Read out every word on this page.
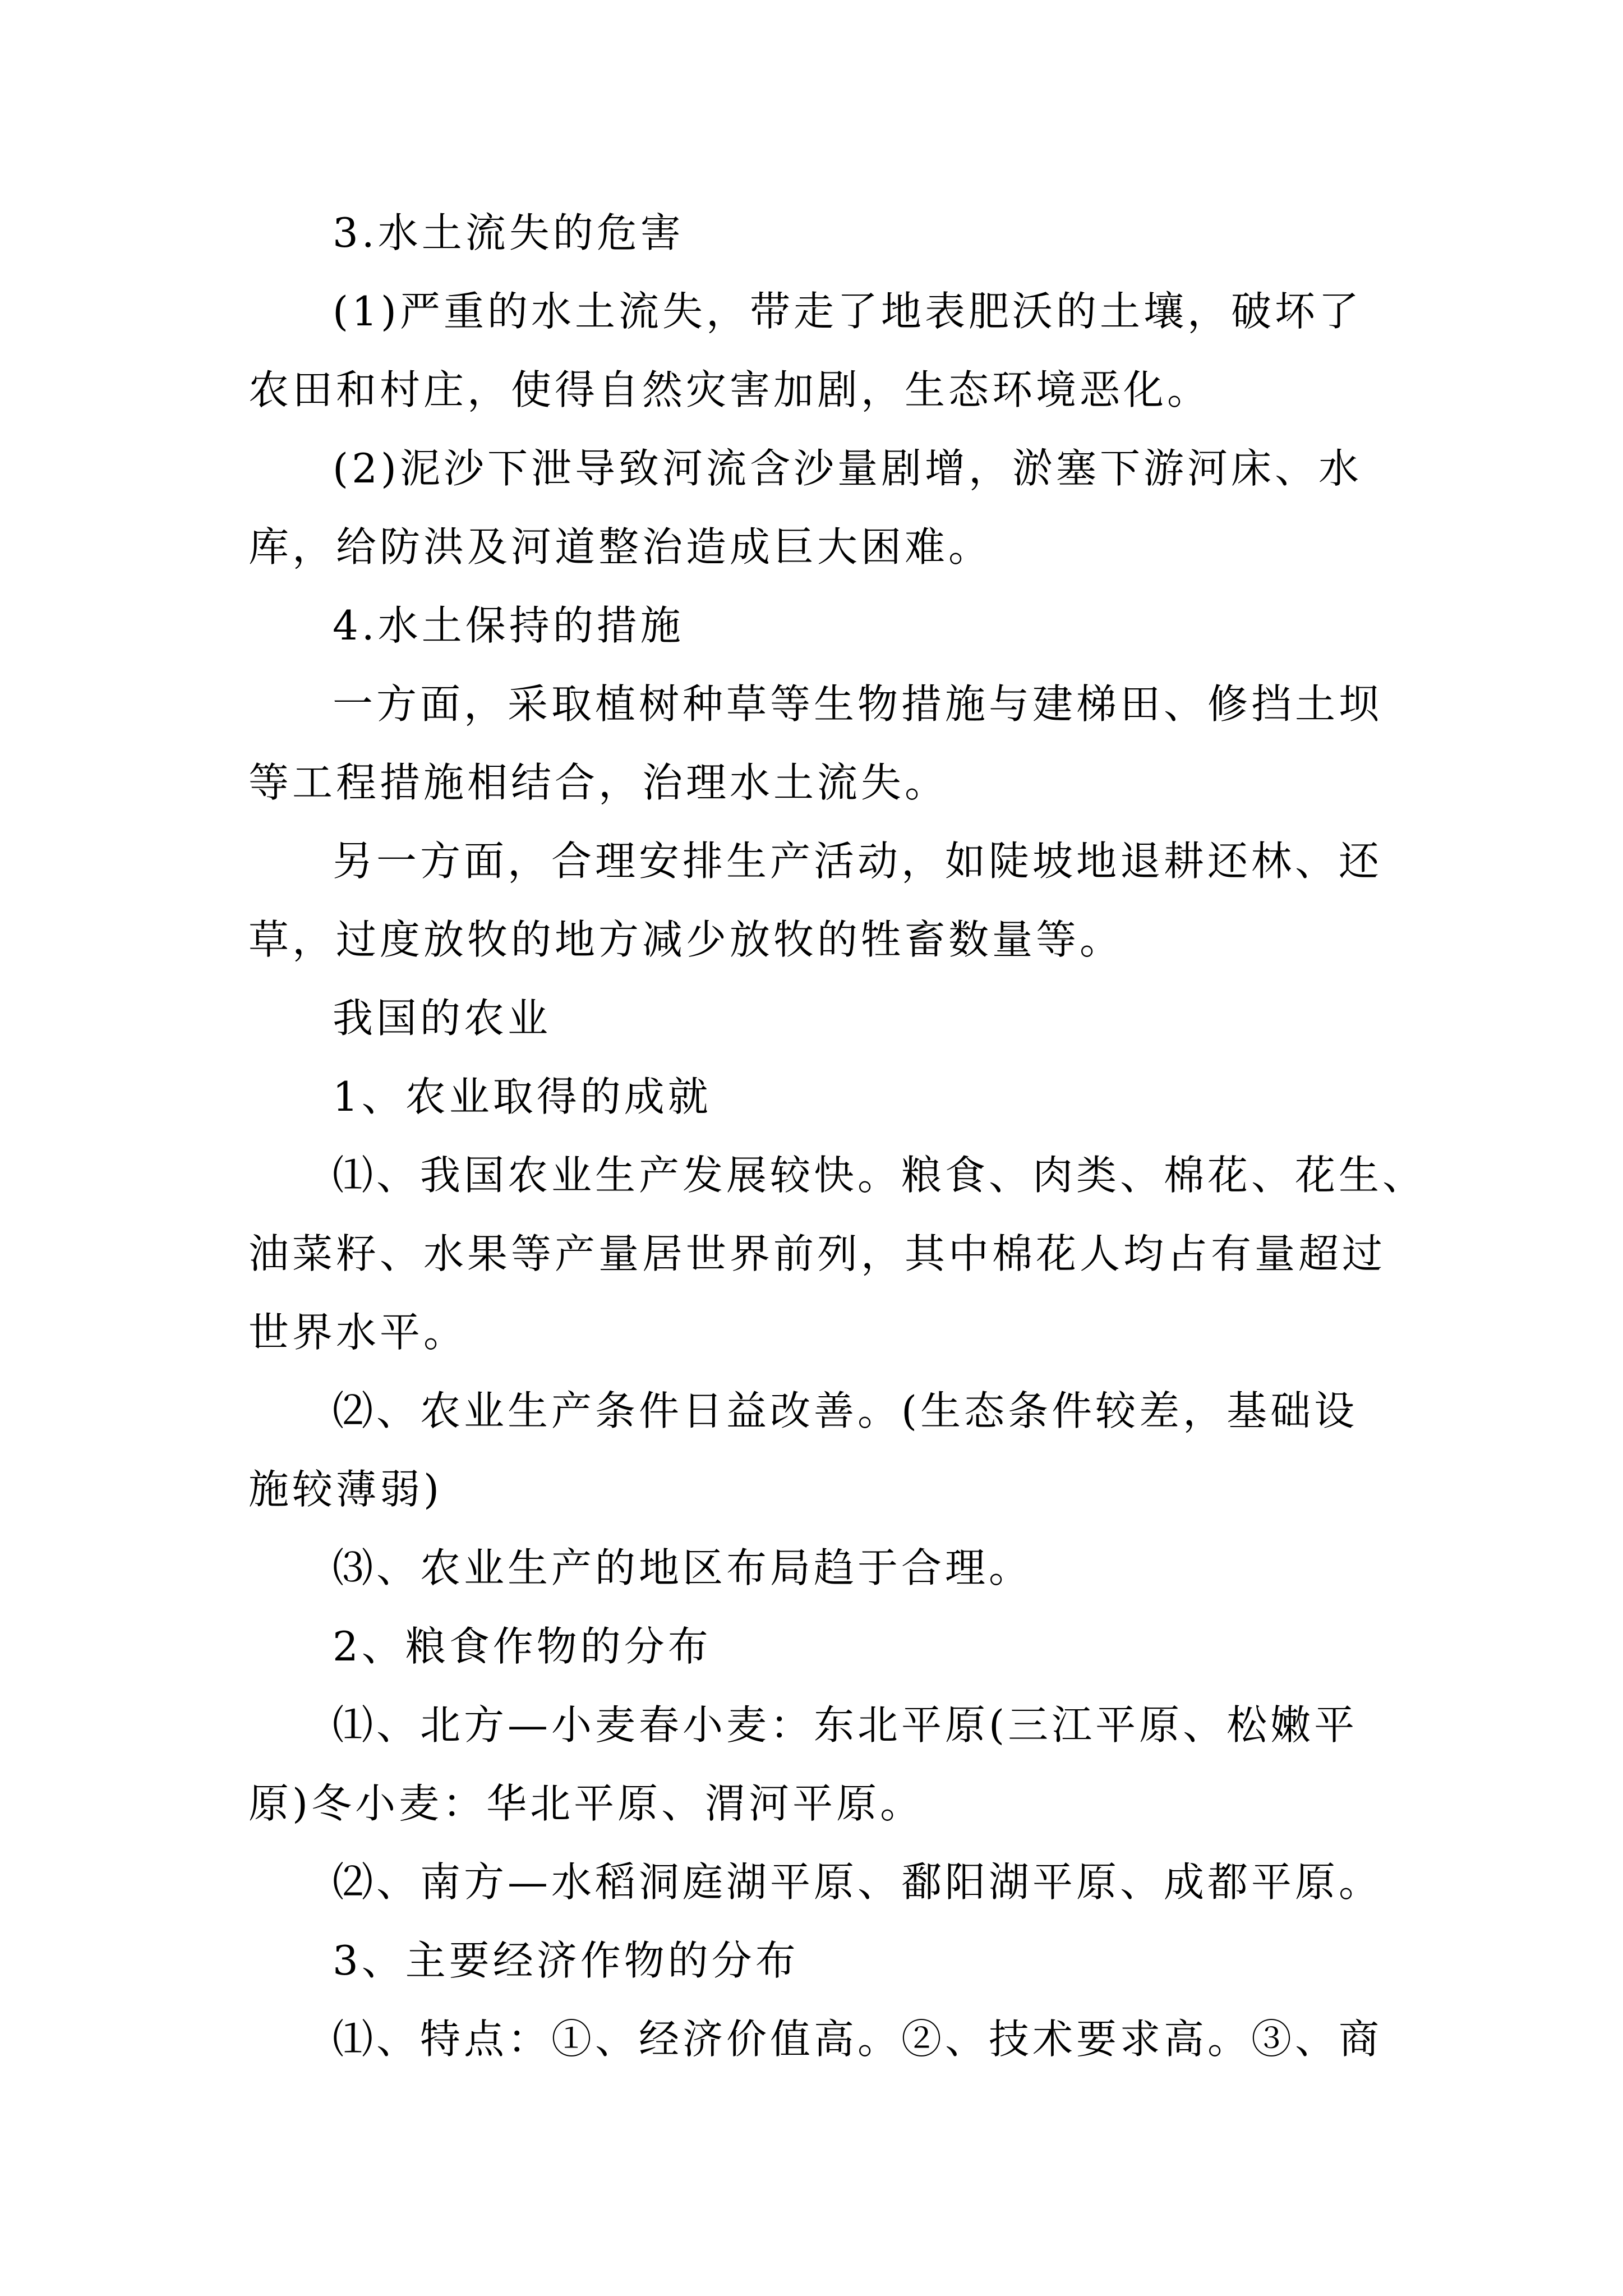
3.水土流失的危害
(1)严重的水土流失，带走了地表肥沃的土壤，破坏了
农田和村庄，使得自然灾害加剧，生态环境恶化。
(2)泥沙下泄导致河流含沙量剧增，淤塞下游河床、水
库，给防洪及河道整治造成巨大困难。
4.水土保持的措施
一方面，采取植树种草等生物措施与建梯田、修挡土坝
等工程措施相结合，治理水土流失。
另一方面，合理安排生产活动，如陡坡地退耕还林、还
草，过度放牧的地方减少放牧的牲畜数量等。
我国的农业
1、农业取得的成就
⑴、我国农业生产发展较快。粮食、肉类、棉花、花生、
油菜籽、水果等产量居世界前列，其中棉花人均占有量超过
世界水平。
⑵、农业生产条件日益改善。(生态条件较差，基础设
施较薄弱)
⑶、农业生产的地区布局趋于合理。
2、粮食作物的分布
⑴、北方—小麦春小麦：东北平原(三江平原、松嫩平
原)冬小麦：华北平原、渭河平原。
⑵、南方—水稻洞庭湖平原、鄱阳湖平原、成都平原。
3、主要经济作物的分布
⑴、特点：①、经济价值高。②、技术要求高。③、商
